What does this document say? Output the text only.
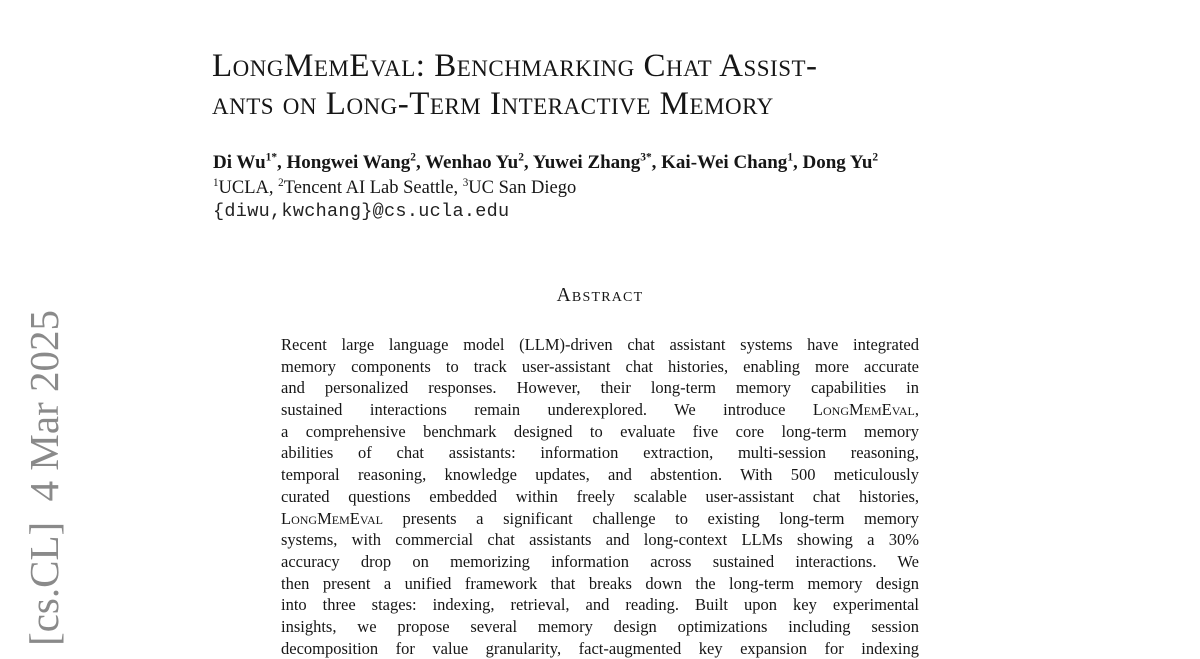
[cs.CL]  4 Mar 2025
LongMemEval: Benchmarking Chat Assist-
ants on Long-Term Interactive Memory
Di $Wu^{1*}$, Hongwei Wang$^2$, Wenhao Yu$^2$, Yuwei Zhang$^{3*}$, Kai-Wei Chang$^1$, Dong Yu$^2$
$^1$UCLA, $^2$Tencent AI Lab Seattle, $^3$UC San Diego
{diwu,kwchang}@cs.ucla.edu
Abstract
Recent large language model (LLM)-driven chat assistant systems have integrated
memory components to track user-assistant chat histories, enabling more accurate
and personalized responses. However, their long-term memory capabilities in
sustained interactions remain underexplored. We introduce LongMemEval,
a comprehensive benchmark designed to evaluate five core long-term memory
abilities of chat assistants: information extraction, multi-session reasoning,
temporal reasoning, knowledge updates, and abstention. With 500 meticulously
curated questions embedded within freely scalable user-assistant chat histories,
LongMemEval presents a significant challenge to existing long-term memory
systems, with commercial chat assistants and long-context LLMs showing a 30%
accuracy drop on memorizing information across sustained interactions. We
then present a unified framework that breaks down the long-term memory design
into three stages: indexing, retrieval, and reading. Built upon key experimental
insights, we propose several memory design optimizations including session
decomposition for value granularity, fact-augmented key expansion for indexing
